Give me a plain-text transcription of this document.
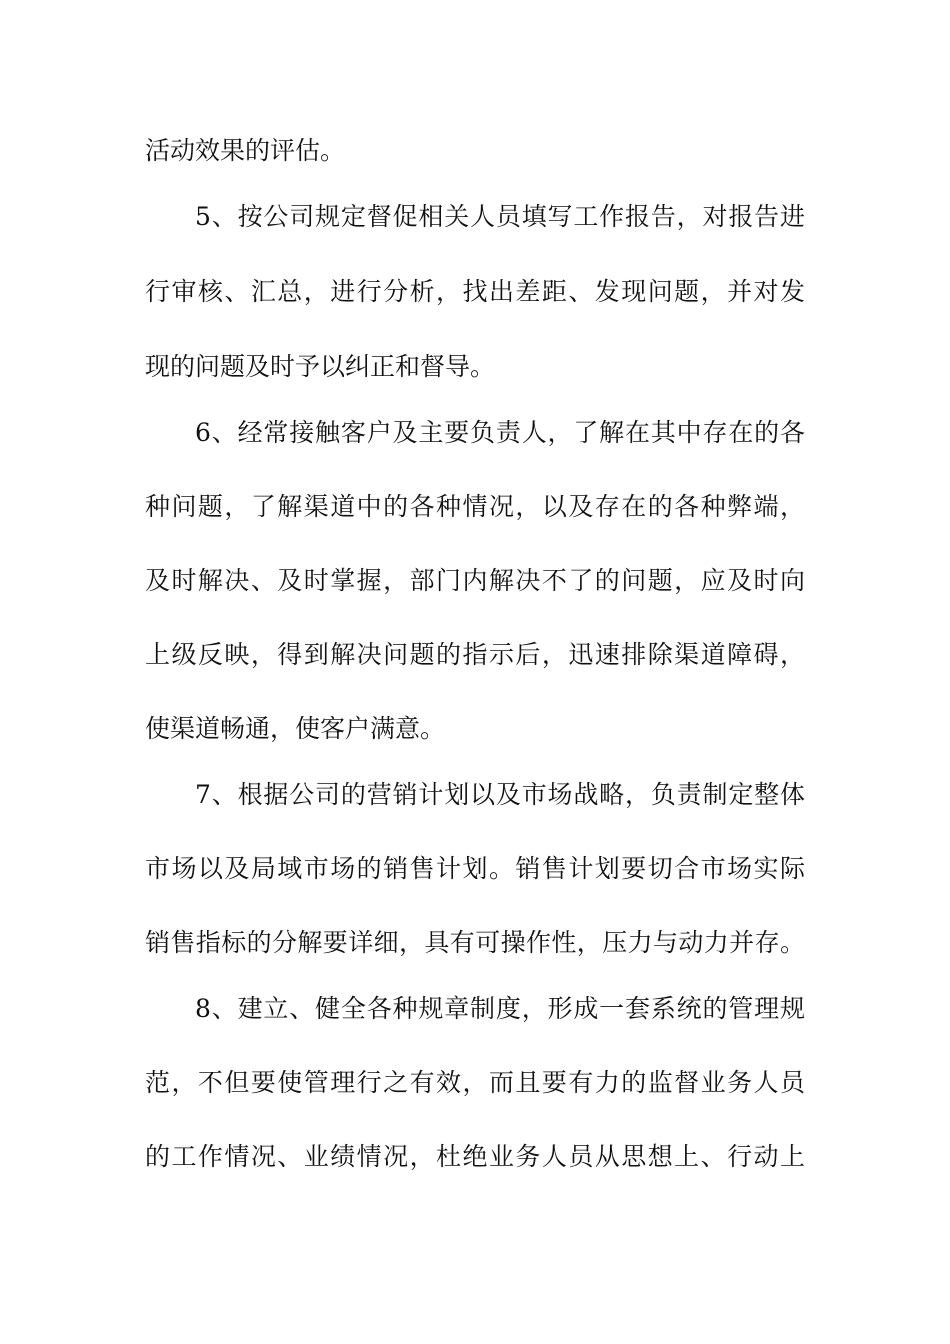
活动效果的评估。
5、按公司规定督促相关人员填写工作报告，对报告进
行审核、汇总，进行分析，找出差距、发现问题，并对发
现的问题及时予以纠正和督导。
6、经常接触客户及主要负责人，了解在其中存在的各
种问题，了解渠道中的各种情况，以及存在的各种弊端，
及时解决、及时掌握，部门内解决不了的问题，应及时向
上级反映，得到解决问题的指示后，迅速排除渠道障碍，
使渠道畅通，使客户满意。
7、根据公司的营销计划以及市场战略，负责制定整体
市场以及局域市场的销售计划。销售计划要切合市场实际
销售指标的分解要详细，具有可操作性，压力与动力并存。
8、建立、健全各种规章制度，形成一套系统的管理规
范，不但要使管理行之有效，而且要有力的监督业务人员
的工作情况、业绩情况，杜绝业务人员从思想上、行动上
